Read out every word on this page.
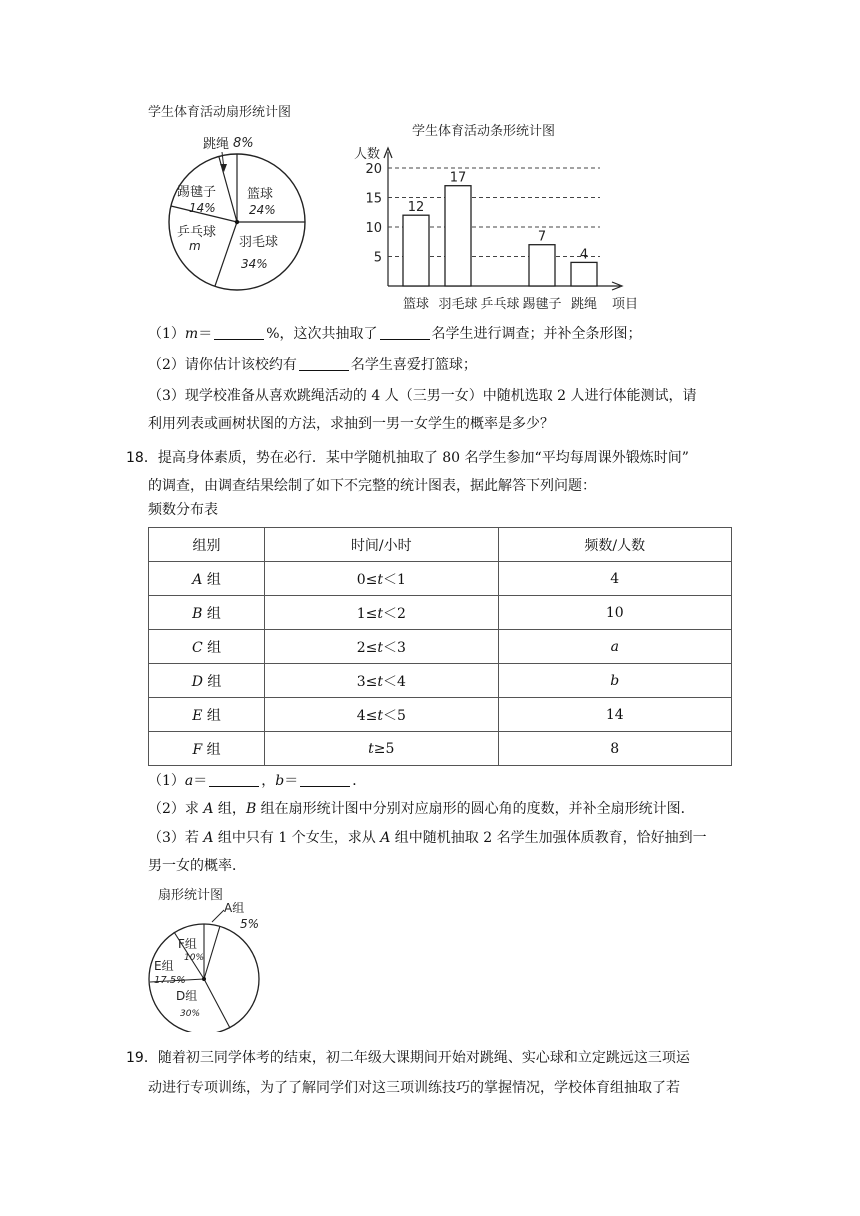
学生体育活动扇形统计图
跳绳 8%
篮球
24%
羽毛球
34%
乒乓球
m
踢毽子
14%
学生体育活动条形统计图
人数
项目
5
10
15
20
12
篮球
17
羽毛球 乒乓球
7
踢毽子
4
跳绳
（1）m＝	%，这次共抽取了	名学生进行调查；并补全条形图；
（2）请你估计该校约有	名学生喜爱打篮球；
（3）现学校准备从喜欢跳绳活动的 4 人（三男一女）中随机选取 2 人进行体能测试，请
利用列表或画树状图的方法，求抽到一男一女学生的概率是多少？
18．提高身体素质，势在必行．某中学随机抽取了 80 名学生参加“平均每周课外锻炼时间”
的调查，由调查结果绘制了如下不完整的统计图表，据此解答下列问题：
频数分布表
组别	时间/小时	频数/人数
A 组	0≤t＜1	4
B 组	1≤t＜2	10
C 组	2≤t＜3	a
D 组	3≤t＜4	b
E 组	4≤t＜5	14
F 组	t≥5	8
（1）a＝	，b＝	．
（2）求 A 组，B 组在扇形统计图中分别对应扇形的圆心角的度数，并补全扇形统计图．
（3）若 A 组中只有 1 个女生，求从 A 组中随机抽取 2 名学生加强体质教育，恰好抽到一
男一女的概率．
扇形统计图
A组
5%
F组
10%
E组
17.5%
D组
30%
19．随着初三同学体考的结束，初二年级大课期间开始对跳绳、实心球和立定跳远这三项运
动进行专项训练，为了了解同学们对这三项训练技巧的掌握情况，学校体育组抽取了若
